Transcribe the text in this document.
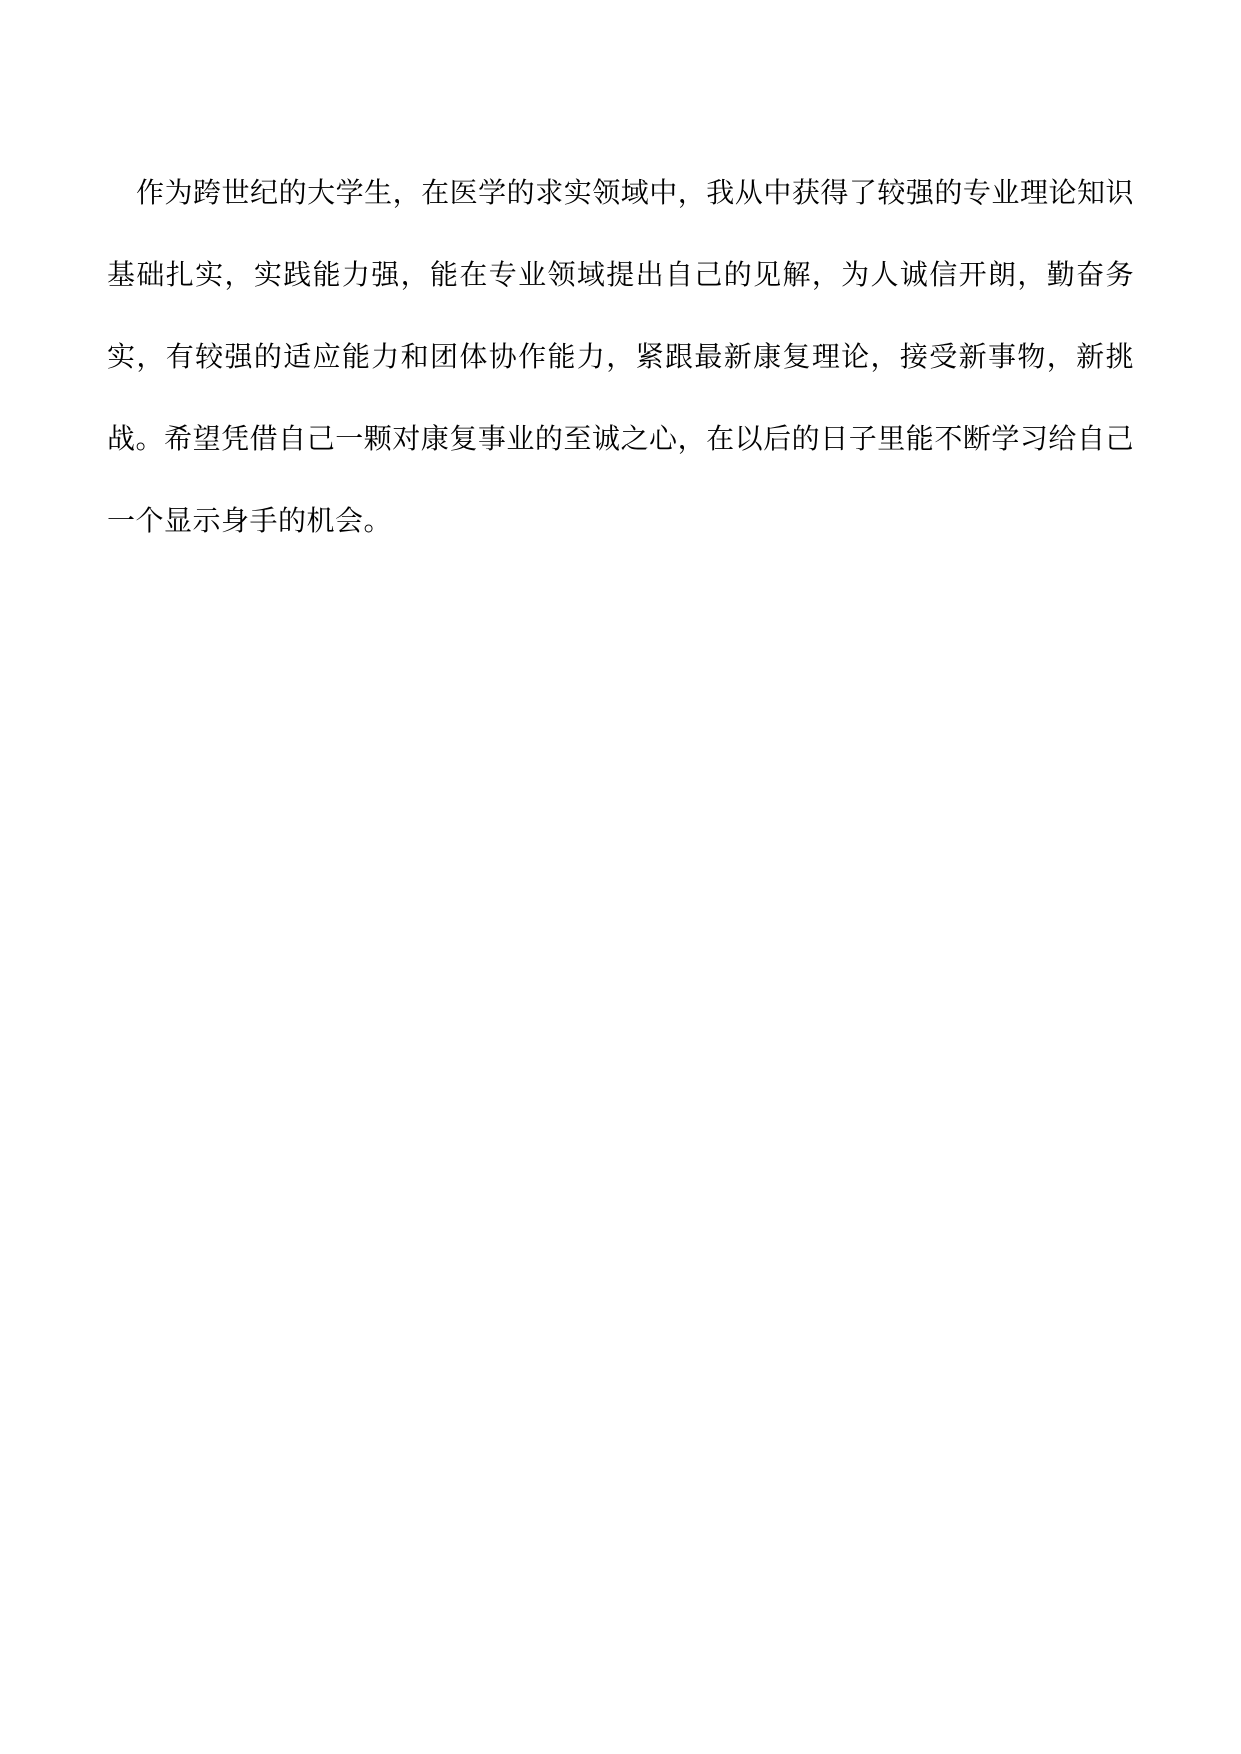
作为跨世纪的大学生，在医学的求实领域中，我从中获得了较强的专业理论知识基础扎实，实践能力强，能在专业领域提出自己的见解，为人诚信开朗，勤奋务实，有较强的适应能力和团体协作能力，紧跟最新康复理论，接受新事物，新挑战。希望凭借自己一颗对康复事业的至诚之心，在以后的日子里能不断学习给自己一个显示身手的机会。
